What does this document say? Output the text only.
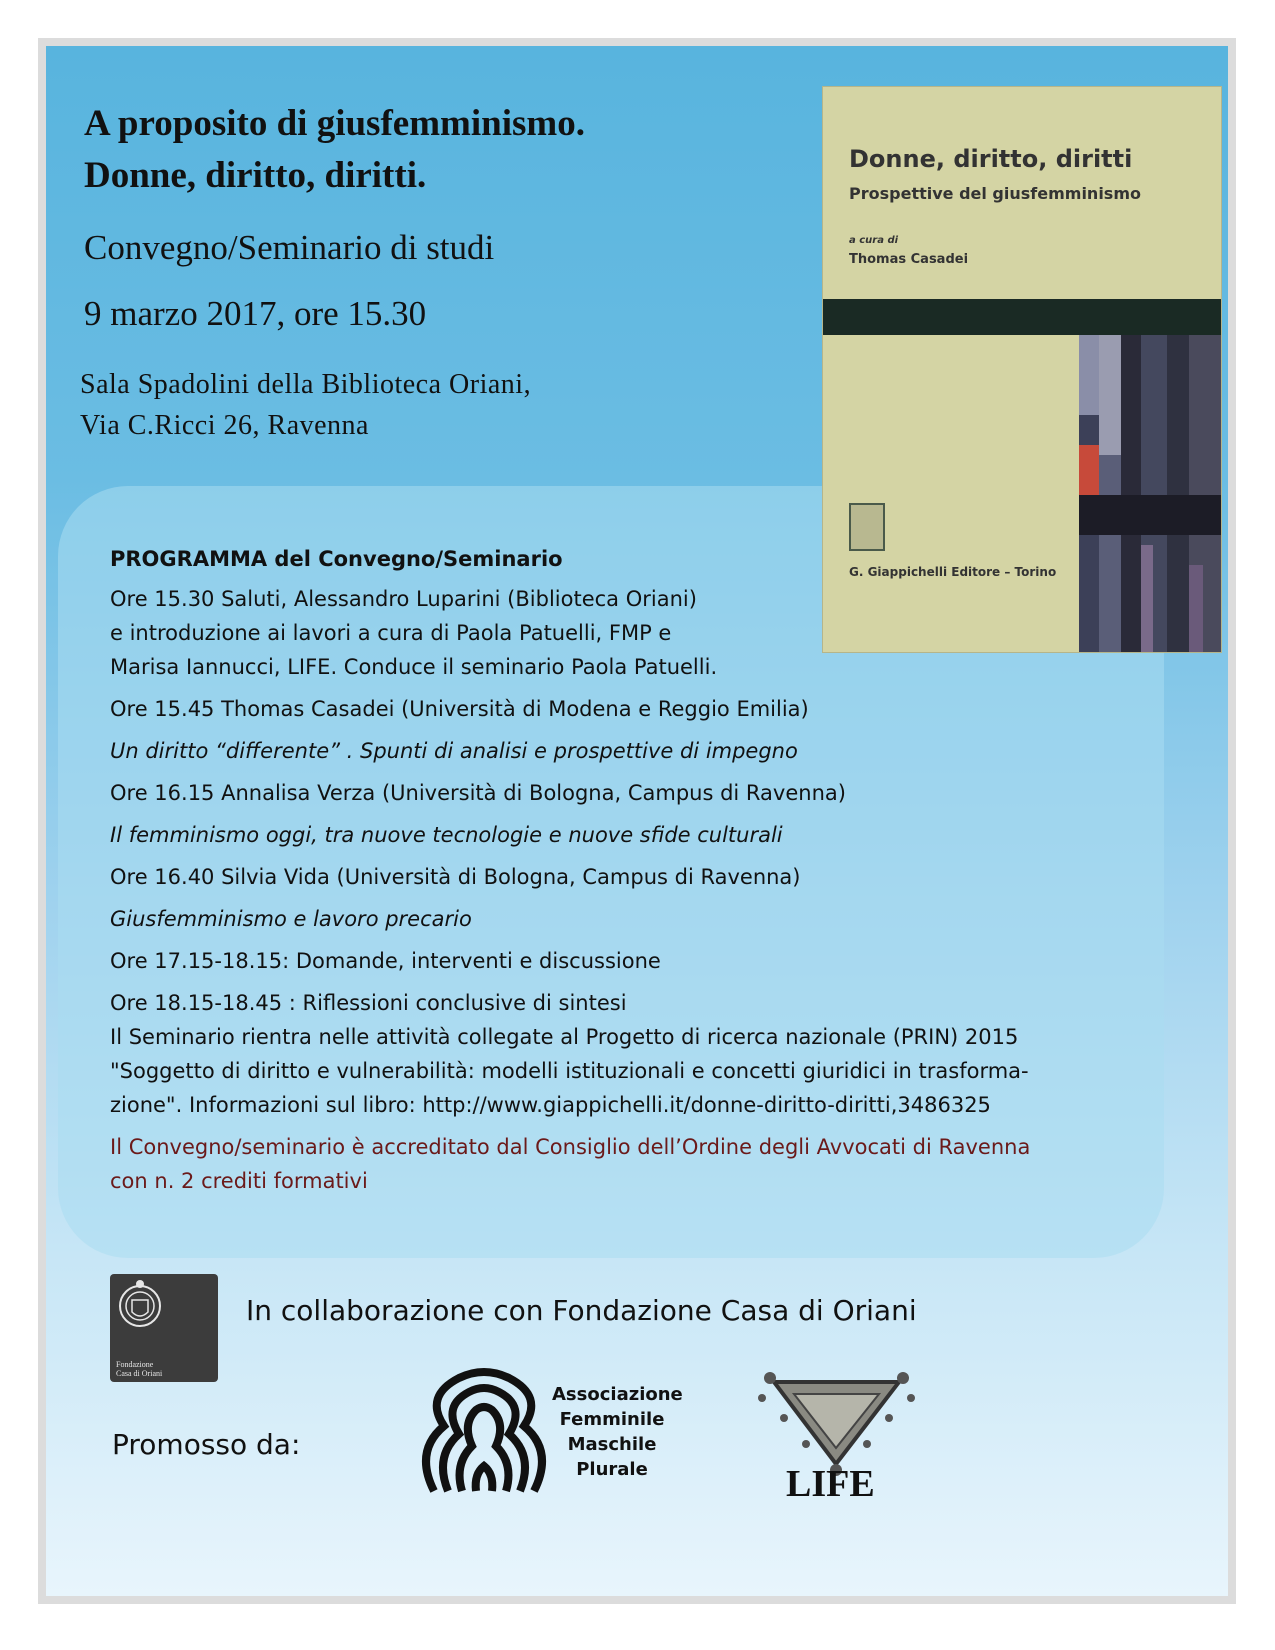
A proposito di giusfemminismo.
Donne, diritto, diritti.
Convegno/Seminario di studi
9 marzo 2017, ore 15.30
Sala Spadolini della Biblioteca Oriani,
Via C.Ricci 26, Ravenna
Donne, diritto, diritti
Prospettive del giusfemminismo
a cura di
Thomas Casadei
G. Giappichelli Editore – Torino
PROGRAMMA del Convegno/Seminario
Ore 15.30 Saluti, Alessandro Luparini (Biblioteca Oriani)
e introduzione ai lavori a cura di Paola Patuelli, FMP e
Marisa Iannucci, LIFE. Conduce il seminario Paola Patuelli.
Ore 15.45 Thomas Casadei (Università di Modena e Reggio Emilia)
Un diritto “differente” . Spunti di analisi e prospettive di impegno
Ore 16.15 Annalisa Verza (Università di Bologna, Campus di Ravenna)
Il femminismo oggi, tra nuove tecnologie e nuove sfide culturali
Ore 16.40 Silvia Vida (Università di Bologna, Campus di Ravenna)
Giusfemminismo e lavoro precario
Ore 17.15-18.15: Domande, interventi e discussione
Ore 18.15-18.45 : Riflessioni conclusive di sintesi
Il Seminario rientra nelle attività collegate al Progetto di ricerca nazionale (PRIN) 2015
"Soggetto di diritto e vulnerabilità: modelli istituzionali e concetti giuridici in trasforma-
zione". Informazioni sul libro: http://www.giappichelli.it/donne-diritto-diritti,3486325
Il Convegno/seminario è accreditato dal Consiglio dell’Ordine degli Avvocati di Ravenna
con n. 2 crediti formativi
Fondazione
Casa di Oriani
In collaborazione con Fondazione Casa di Oriani
Promosso da:
Associazione
Femminile
Maschile
Plurale	LIFE
